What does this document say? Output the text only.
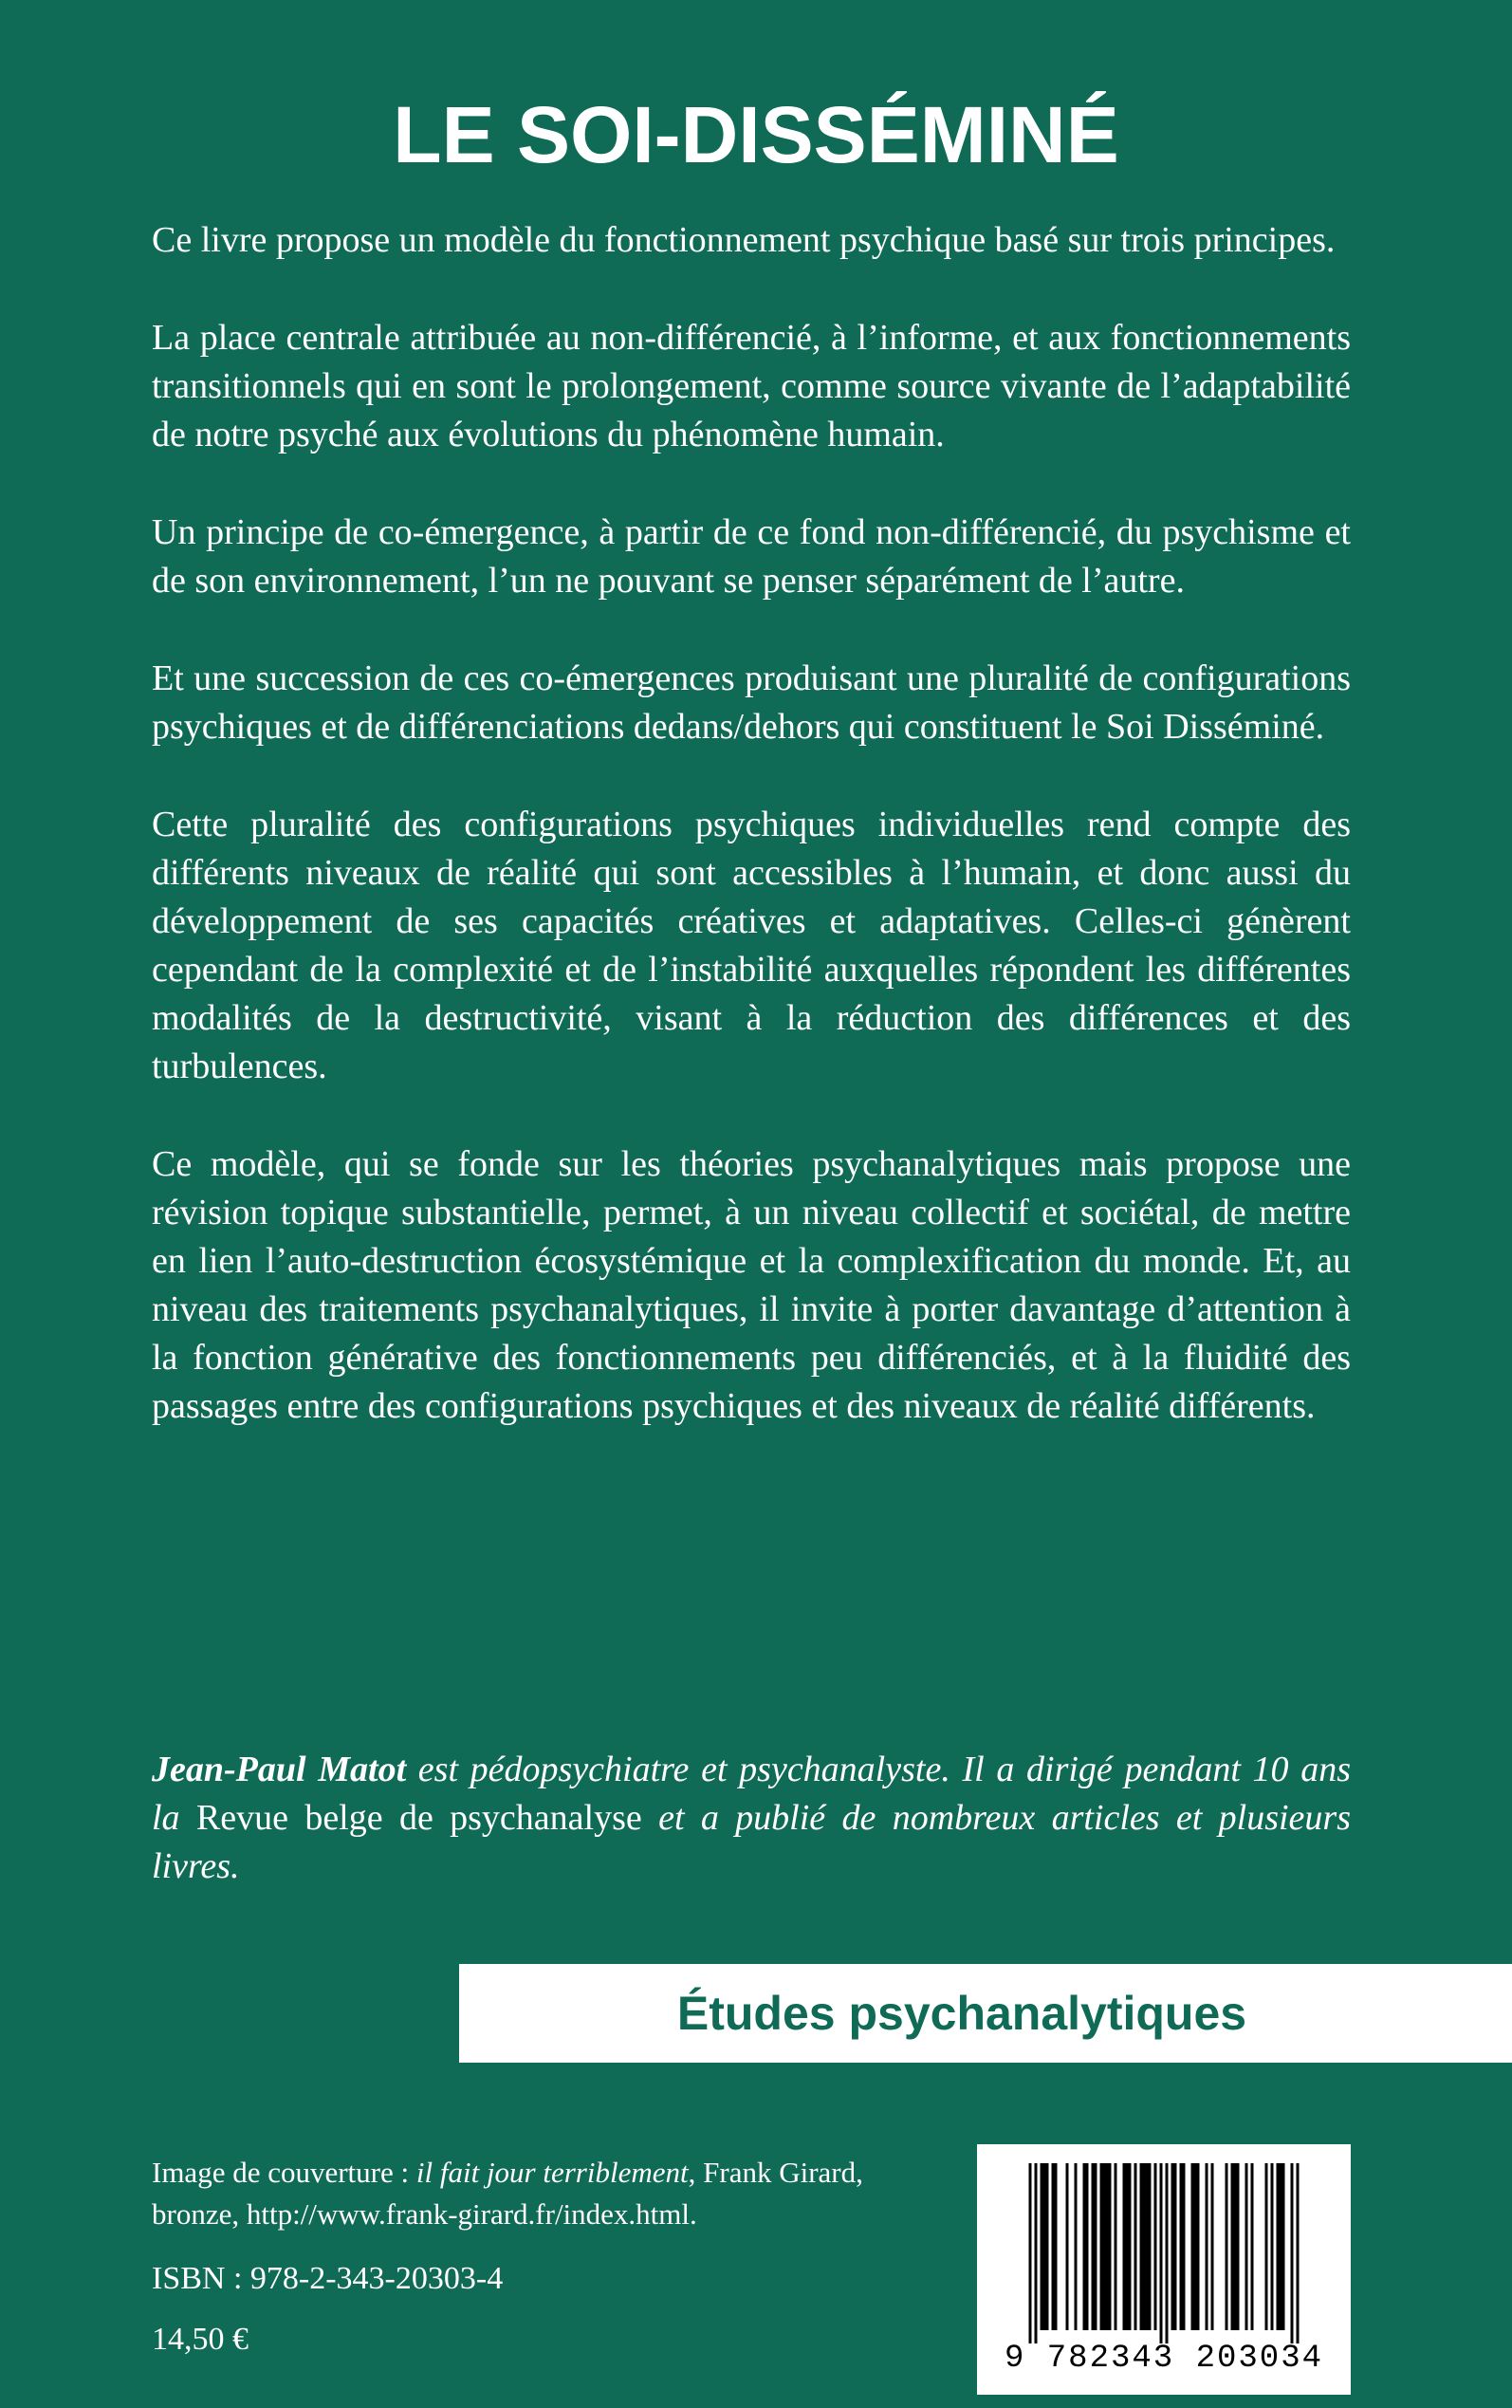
LE SOI-DISSÉMINÉ

Ce livre propose un modèle du fonctionnement psychique basé sur trois principes.

La place centrale attribuée au non-différencié, à l’informe, et aux fonctionnements transitionnels qui en sont le prolongement, comme source vivante de l’adaptabilité de notre psyché aux évolutions du phénomène humain.

Un principe de co-émergence, à partir de ce fond non-différencié, du psychisme et de son environnement, l’un ne pouvant se penser séparément de l’autre.

Et une succession de ces co-émergences produisant une pluralité de configurations psychiques et de différenciations dedans/dehors qui constituent le Soi Disséminé.

Cette pluralité des configurations psychiques individuelles rend compte des différents niveaux de réalité qui sont accessibles à l’humain, et donc aussi du développement de ses capacités créatives et adaptatives. Celles-ci génèrent cependant de la complexité et de l’instabilité auxquelles répondent les différentes modalités de la destructivité, visant à la réduction des différences et des turbulences.

Ce modèle, qui se fonde sur les théories psychanalytiques mais propose une révision topique substantielle, permet, à un niveau collectif et sociétal, de mettre en lien l’auto-destruction écosystémique et la complexification du monde. Et, au niveau des traitements psychanalytiques, il invite à porter davantage d’attention à la fonction générative des fonctionnements peu différenciés, et à la fluidité des passages entre des configurations psychiques et des niveaux de réalité différents.

Jean-Paul Matot est pédopsychiatre et psychanalyste. Il a dirigé pendant 10 ans la Revue belge de psychanalyse et a publié de nombreux articles et plusieurs livres.

Études psychanalytiques

Image de couverture : il fait jour terriblement, Frank Girard, bronze, http://www.frank-girard.fr/index.html.

ISBN : 978-2-343-20303-4

14,50 €

9 782343 203034
